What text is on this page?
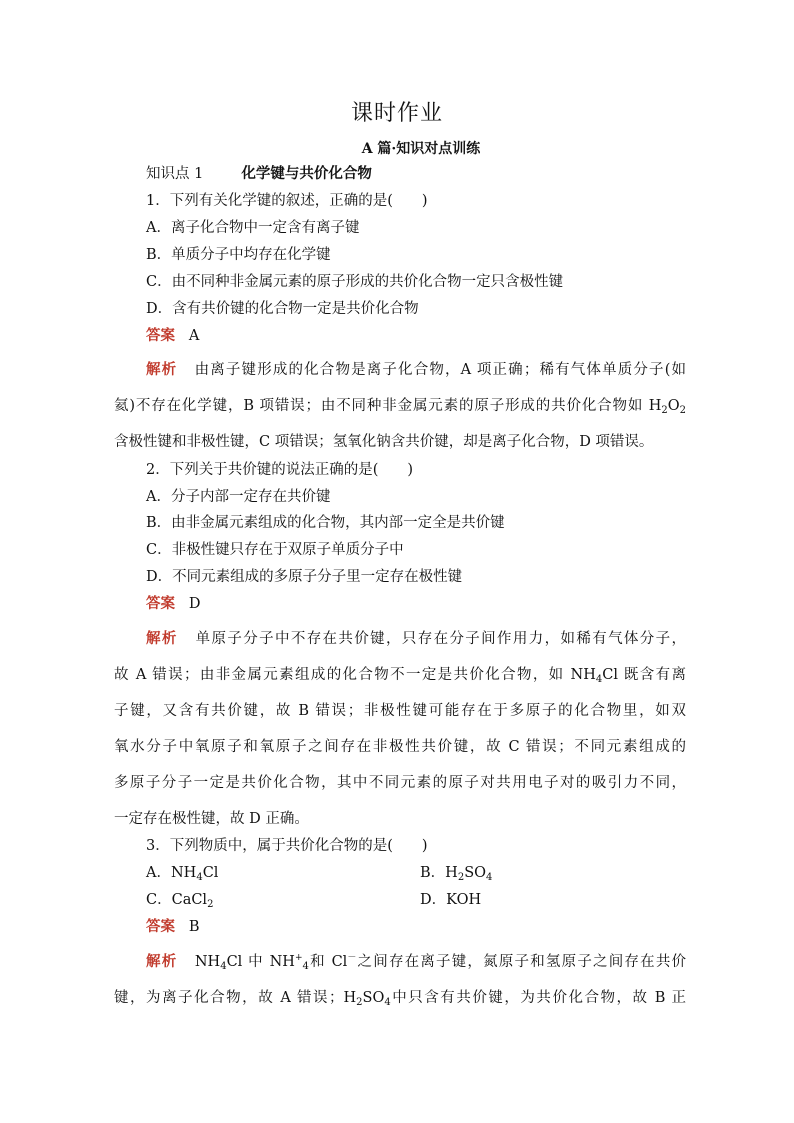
课时作业
A 篇·知识对点训练
知识点 1	化学键与共价化合物
1．下列有关化学键的叙述，正确的是(　　)
A．离子化合物中一定含有离子键
B．单质分子中均存在化学键
C．由不同种非金属元素的原子形成的共价化合物一定只含极性键
D．含有共价键的化合物一定是共价化合物
答案 A
解析 由离子键形成的化合物是离子化合物，A 项正确；稀有气体单质分子(如
氦)不存在化学键，B 项错误；由不同种非金属元素的原子形成的共价化合物如 $H_2O_2$
含极性键和非极性键，C 项错误；氢氧化钠含共价键，却是离子化合物，D 项错误。
2．下列关于共价键的说法正确的是(　　)
A．分子内部一定存在共价键
B．由非金属元素组成的化合物，其内部一定全是共价键
C．非极性键只存在于双原子单质分子中
D．不同元素组成的多原子分子里一定存在极性键
答案 D
解析 单原子分子中不存在共价键，只存在分子间作用力，如稀有气体分子，
故 A 错误；由非金属元素组成的化合物不一定是共价化合物，如 $NH_4Cl$ 既含有离
子键，又含有共价键，故 B 错误；非极性键可能存在于多原子的化合物里，如双
氧水分子中氧原子和氧原子之间存在非极性共价键，故 C 错误；不同元素组成的
多原子分子一定是共价化合物，其中不同元素的原子对共用电子对的吸引力不同，
一定存在极性键，故 D 正确。
3．下列物质中，属于共价化合物的是(　　)
A．$NH_4Cl$	B．$H_2SO_4$
C．CaCl$_2$	D．KOH
答案 B
解析 $NH_4Cl$ 中 $NH^+_4$和 Cl－之间存在离子键，氮原子和氢原子之间存在共价
键，为离子化合物，故 A 错误；$H_2SO_4$中只含有共价键，为共价化合物，故 B 正
